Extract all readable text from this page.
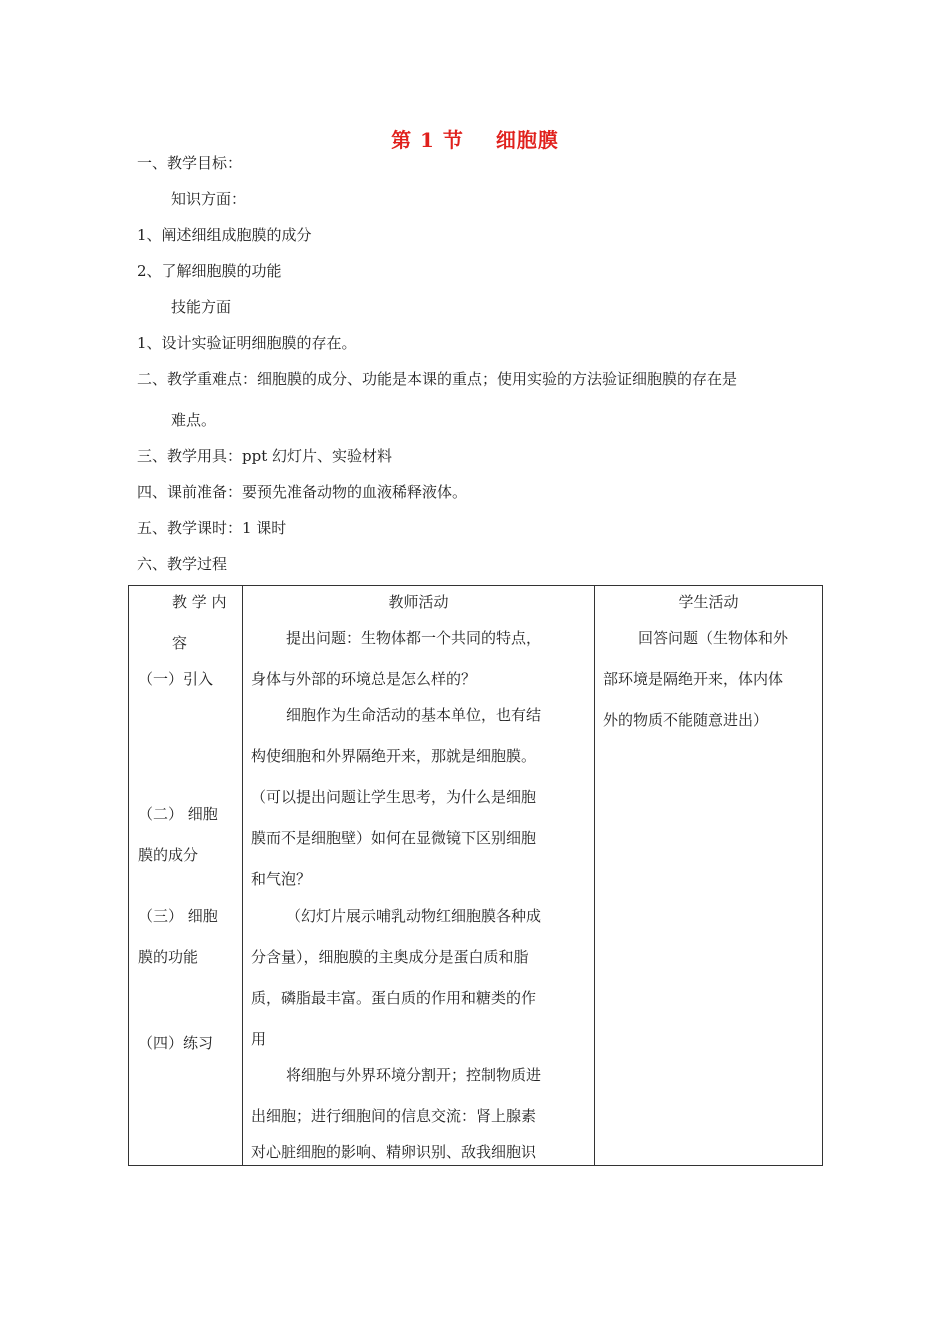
第 1 节 细胞膜
一、教学目标：
知识方面：
1、阐述细组成胞膜的成分
2、了解细胞膜的功能
技能方面
1、设计实验证明细胞膜的存在。
二、教学重难点：细胞膜的成分、功能是本课的重点；使用实验的方法验证细胞膜的存在是
难点。
三、教学用具：ppt 幻灯片、实验材料
四、课前准备：要预先准备动物的血液稀释液体。
五、教学课时：1 课时
六、教学过程
教 学 内
容
（一）引入
（二） 细胞
膜的成分
（三） 细胞
膜的功能
（四）练习
教师活动
提出问题：生物体都一个共同的特点，
身体与外部的环境总是怎么样的？
细胞作为生命活动的基本单位，也有结
构使细胞和外界隔绝开来，那就是细胞膜。
（可以提出问题让学生思考，为什么是细胞
膜而不是细胞壁）如何在显微镜下区别细胞
和气泡？
（幻灯片展示哺乳动物红细胞膜各种成
分含量），细胞膜的主奥成分是蛋白质和脂
质，磷脂最丰富。蛋白质的作用和糖类的作
用
将细胞与外界环境分割开；控制物质进
出细胞；进行细胞间的信息交流：肾上腺素
对心脏细胞的影响、精卵识别、敌我细胞识
学生活动
回答问题（生物体和外
部环境是隔绝开来，体内体
外的物质不能随意进出）
